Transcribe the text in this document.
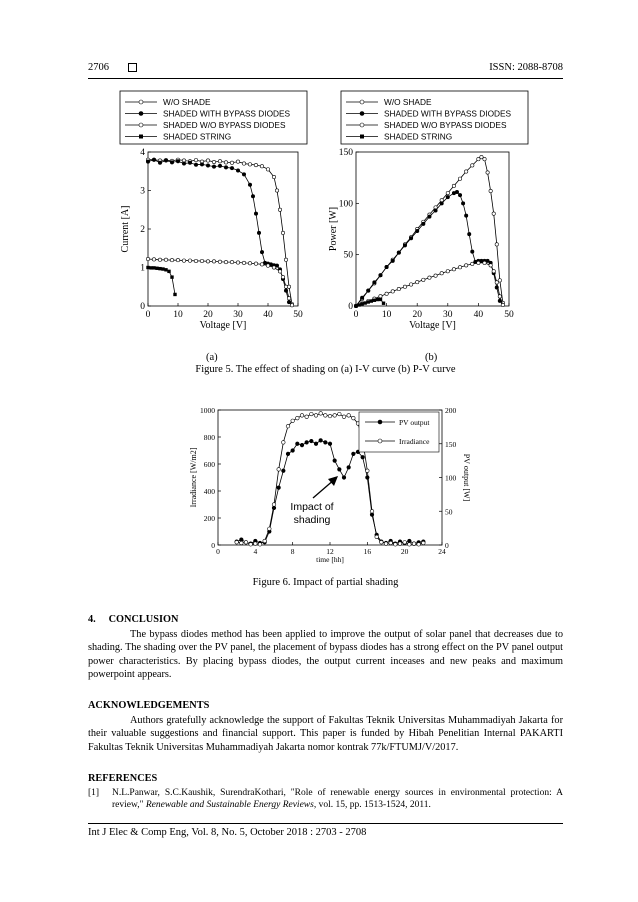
2706	ISSN: 2088-8708
0 10 20 30 40 50
0
1
2
3
4
Voltage [V]
Current [A]
W/O SHADE
SHADED WITH BYPASS DIODES
SHADED W/O BYPASS DIODES
SHADED STRING
0 10 20 30 40 50
0
50
100
150
Voltage [V]
Power [W]
W/O SHADE
SHADED WITH BYPASS DIODES
SHADED W/O BYPASS DIODES
SHADED STRING
(a)	(b)
Figure 5. The effect of shading on (a) I-V curve (b) P-V curve
0	4	8	12	16	20	24
0
200
400
600
800
1000
0
50
100
150
200
time [hh]
Irradiance [W/m2]	PV output [W]
PV output
Irradiance
Impact of
shading
Figure 6. Impact of partial shading
4.     CONCLUSION
The bypass diodes method has been applied to improve the output of solar panel that decreases due to shading. The shading over the PV panel, the placement of bypass diodes has a strong effect on the PV panel output power characteristics. By placing bypass diodes, the output current inceases and new peaks and maximum powerpoint appears.
ACKNOWLEDGEMENTS
Authors gratefully acknowledge the support of Fakultas Teknik Universitas Muhammadiyah Jakarta for their valuable suggestions and financial support. This paper is funded by Hibah Penelitian Internal PAKARTI Fakultas Teknik Universitas Muhammadiyah Jakarta nomor kontrak 77k/FTUMJ/V/2017.
REFERENCES
[1] N.L.Panwar, S.C.Kaushik, SurendraKothari, "Role of renewable energy sources in environmental protection: A review," Renewable and Sustainable Energy Reviews, vol. 15, pp. 1513-1524, 2011.
Int J Elec & Comp Eng, Vol. 8, No. 5, October 2018 : 2703 - 2708
